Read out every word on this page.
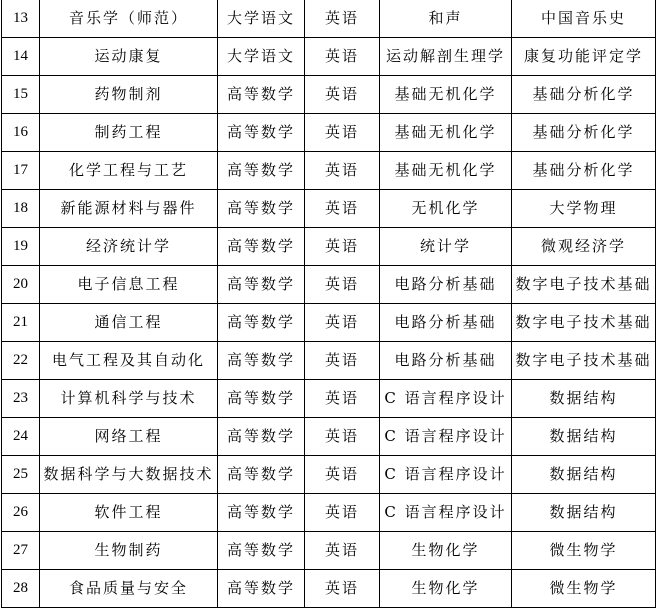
13	音乐学（师范）	大学语文	英语	和声	中国音乐史
14	运动康复	大学语文	英语	运动解剖生理学	康复功能评定学
15	药物制剂	高等数学	英语	基础无机化学	基础分析化学
16	制药工程	高等数学	英语	基础无机化学	基础分析化学
17	化学工程与工艺	高等数学	英语	基础无机化学	基础分析化学
18	新能源材料与器件	高等数学	英语	无机化学	大学物理
19	经济统计学	高等数学	英语	统计学	微观经济学
20	电子信息工程	高等数学	英语	电路分析基础	数字电子技术基础
21	通信工程	高等数学	英语	电路分析基础	数字电子技术基础
22	电气工程及其自动化	高等数学	英语	电路分析基础	数字电子技术基础
23	计算机科学与技术	高等数学	英语	C 语言程序设计	数据结构
24	网络工程	高等数学	英语	C 语言程序设计	数据结构
25	数据科学与大数据技术	高等数学	英语	C 语言程序设计	数据结构
26	软件工程	高等数学	英语	C 语言程序设计	数据结构
27	生物制药	高等数学	英语	生物化学	微生物学
28	食品质量与安全	高等数学	英语	生物化学	微生物学
